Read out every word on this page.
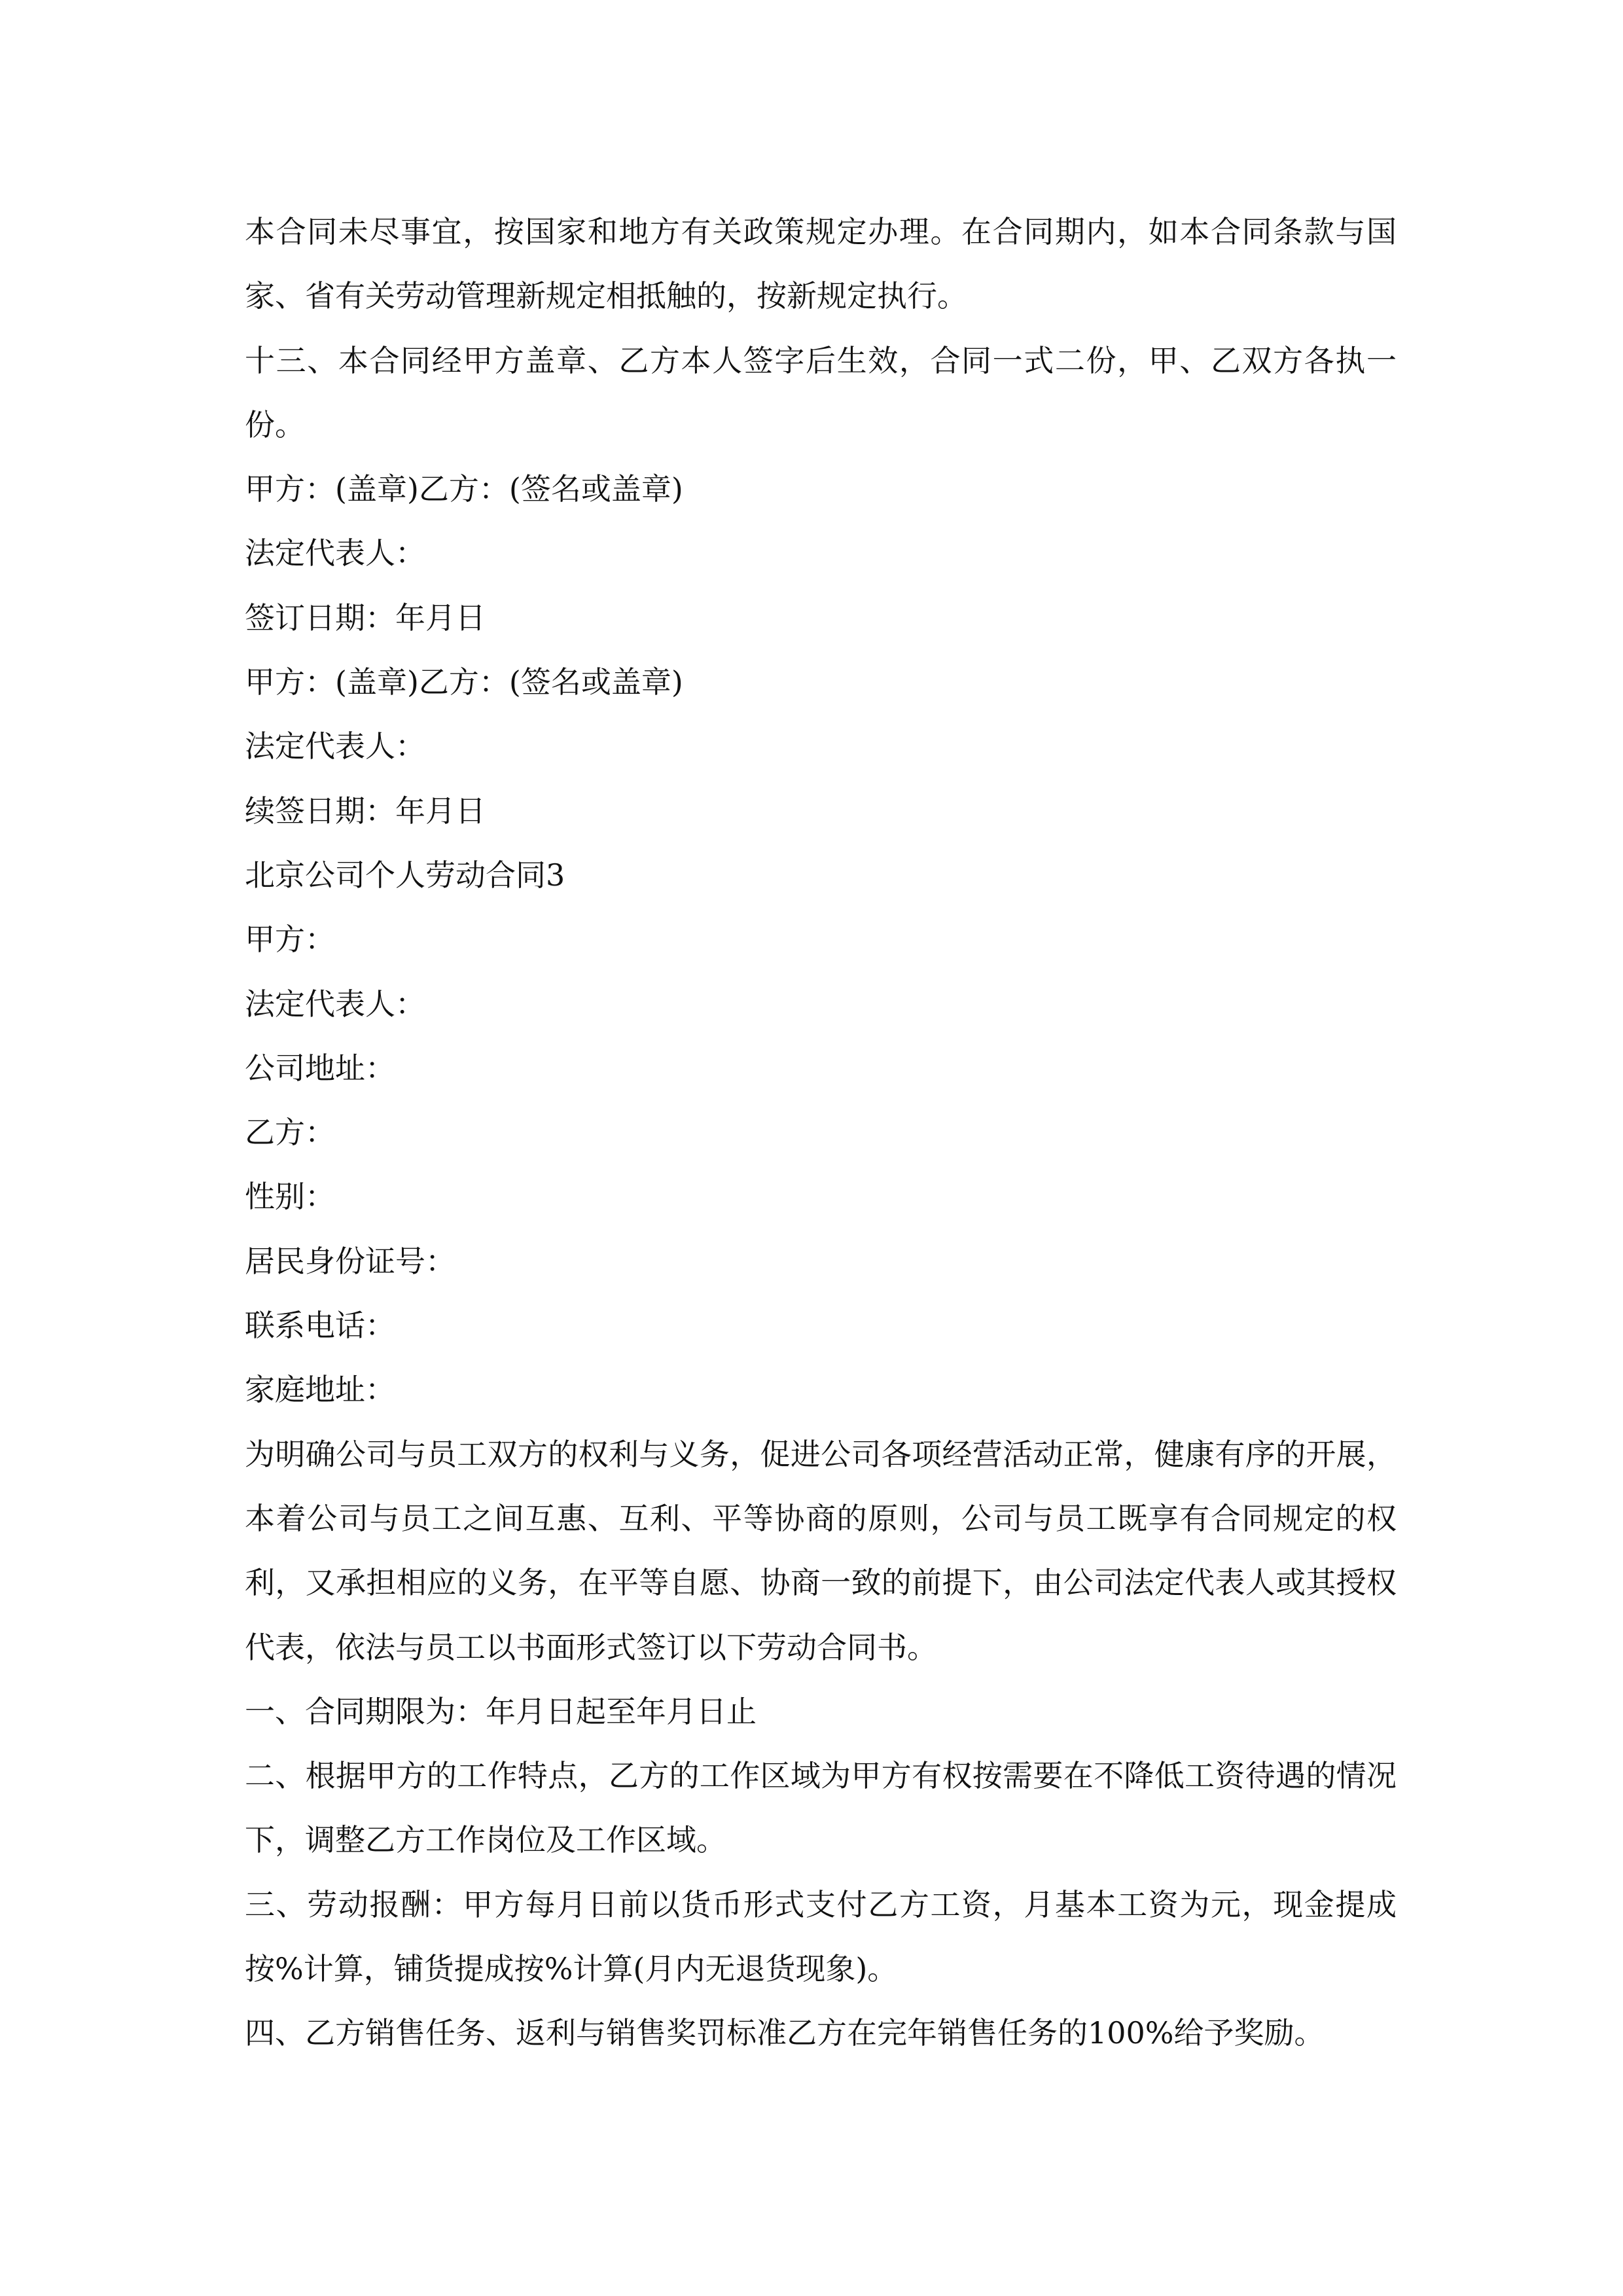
本合同未尽事宜，按国家和地方有关政策规定办理。在合同期内，如本合同条款与国家、省有关劳动管理新规定相抵触的，按新规定执行。

十三、本合同经甲方盖章、乙方本人签字后生效，合同一式二份，甲、乙双方各执一份。

甲方：(盖章)乙方：(签名或盖章)

法定代表人：

签订日期：年月日

甲方：(盖章)乙方：(签名或盖章)

法定代表人：

续签日期：年月日

北京公司个人劳动合同3

甲方：

法定代表人：

公司地址：

乙方：

性别：

居民身份证号：

联系电话：

家庭地址：

为明确公司与员工双方的权利与义务，促进公司各项经营活动正常，健康有序的开展，本着公司与员工之间互惠、互利、平等协商的原则，公司与员工既享有合同规定的权利，又承担相应的义务，在平等自愿、协商一致的前提下，由公司法定代表人或其授权代表，依法与员工以书面形式签订以下劳动合同书。

一、合同期限为：年月日起至年月日止

二、根据甲方的工作特点，乙方的工作区域为甲方有权按需要在不降低工资待遇的情况下，调整乙方工作岗位及工作区域。

三、劳动报酬：甲方每月日前以货币形式支付乙方工资，月基本工资为元，现金提成按%计算，铺货提成按%计算(月内无退货现象)。

四、乙方销售任务、返利与销售奖罚标准乙方在完年销售任务的100%给予奖励。
